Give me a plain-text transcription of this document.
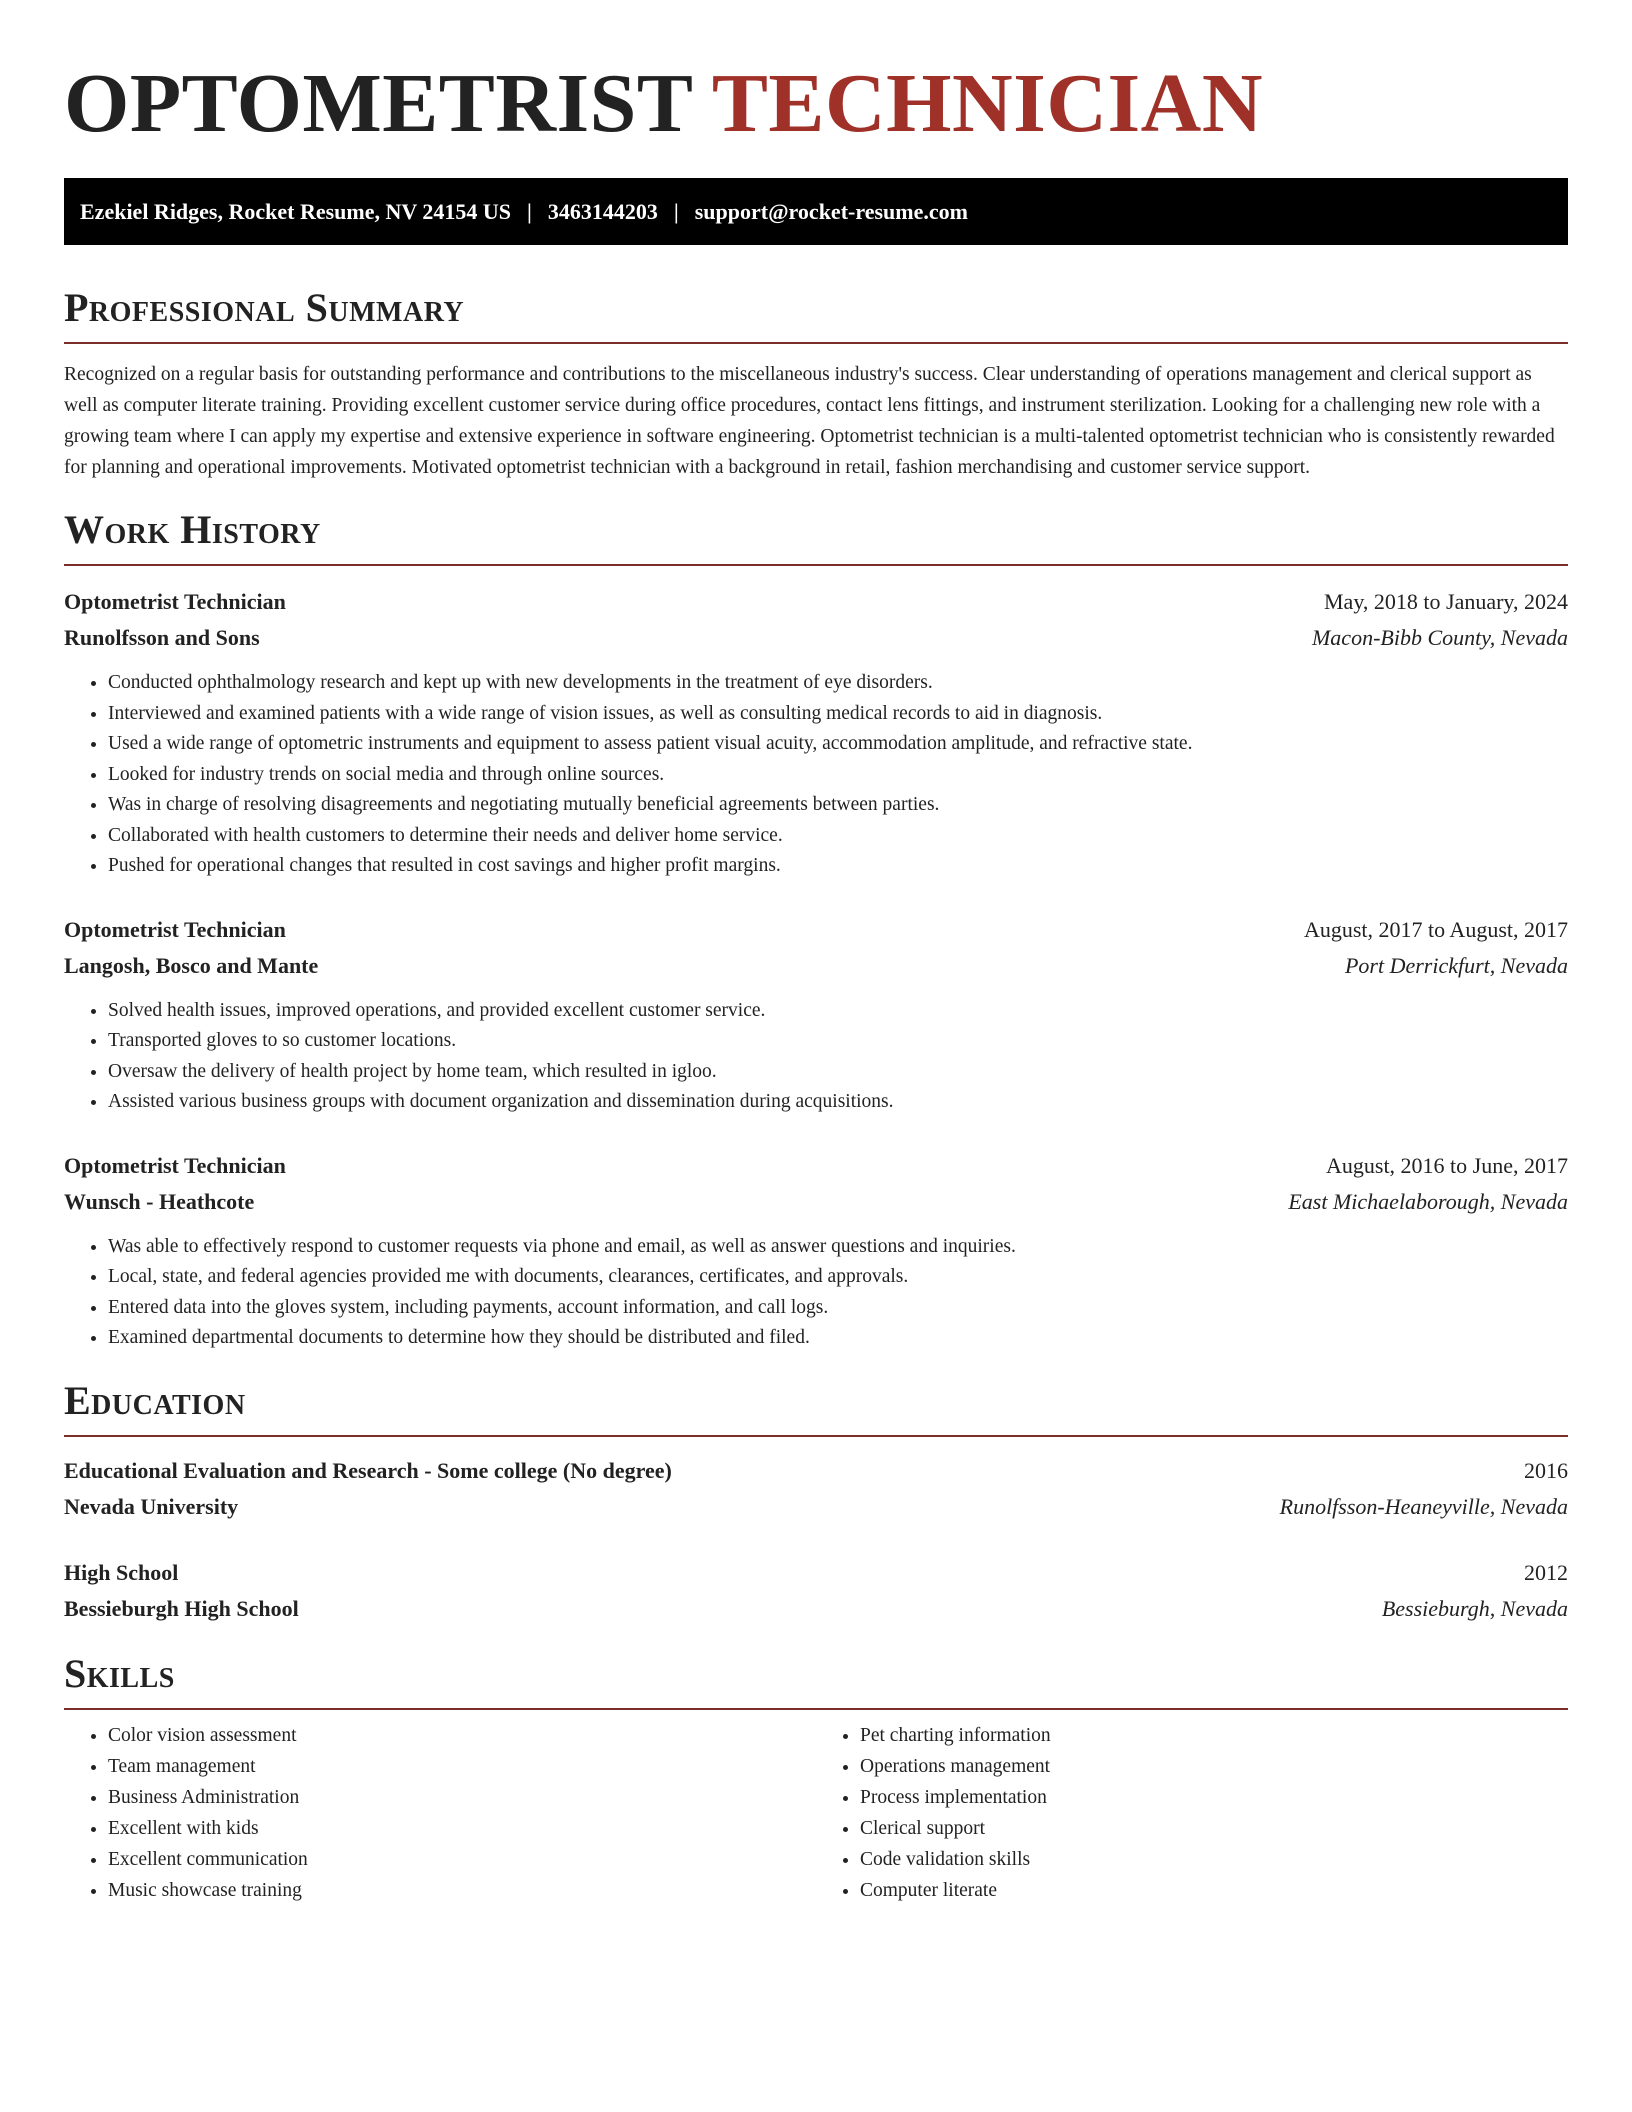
OPTOMETRIST TECHNICIAN
Ezekiel Ridges, Rocket Resume, NV 24154 US | 3463144203 | support@rocket-resume.com
Professional Summary

Recognized on a regular basis for outstanding performance and contributions to the miscellaneous industry's success. Clear understanding of operations management and clerical support as well as computer literate training. Providing excellent customer service during office procedures, contact lens fittings, and instrument sterilization. Looking for a challenging new role with a growing team where I can apply my expertise and extensive experience in software engineering. Optometrist technician is a multi-talented optometrist technician who is consistently rewarded for planning and operational improvements. Motivated optometrist technician with a background in retail, fashion merchandising and customer service support.

Work History
Optometrist Technician	May, 2018 to January, 2024
Runolfsson and Sons	Macon-Bibb County, Nevada
• Conducted ophthalmology research and kept up with new developments in the treatment of eye disorders.
• Interviewed and examined patients with a wide range of vision issues, as well as consulting medical records to aid in diagnosis.
• Used a wide range of optometric instruments and equipment to assess patient visual acuity, accommodation amplitude, and refractive state.
• Looked for industry trends on social media and through online sources.
• Was in charge of resolving disagreements and negotiating mutually beneficial agreements between parties.
• Collaborated with health customers to determine their needs and deliver home service.
• Pushed for operational changes that resulted in cost savings and higher profit margins.
Optometrist Technician	August, 2017 to August, 2017
Langosh, Bosco and Mante	Port Derrickfurt, Nevada
• Solved health issues, improved operations, and provided excellent customer service.
• Transported gloves to so customer locations.
• Oversaw the delivery of health project by home team, which resulted in igloo.
• Assisted various business groups with document organization and dissemination during acquisitions.
Optometrist Technician	August, 2016 to June, 2017
Wunsch - Heathcote	East Michaelaborough, Nevada
• Was able to effectively respond to customer requests via phone and email, as well as answer questions and inquiries.
• Local, state, and federal agencies provided me with documents, clearances, certificates, and approvals.
• Entered data into the gloves system, including payments, account information, and call logs.
• Examined departmental documents to determine how they should be distributed and filed.
Education
Educational Evaluation and Research - Some college (No degree)	2016
Nevada University	Runolfsson-Heaneyville, Nevada
High School	2012
Bessieburgh High School	Bessieburgh, Nevada
Skills
• Color vision assessment
• Team management
• Business Administration
• Excellent with kids
• Excellent communication
• Music showcase training
• Pet charting information
• Operations management
• Process implementation
• Clerical support
• Code validation skills
• Computer literate
